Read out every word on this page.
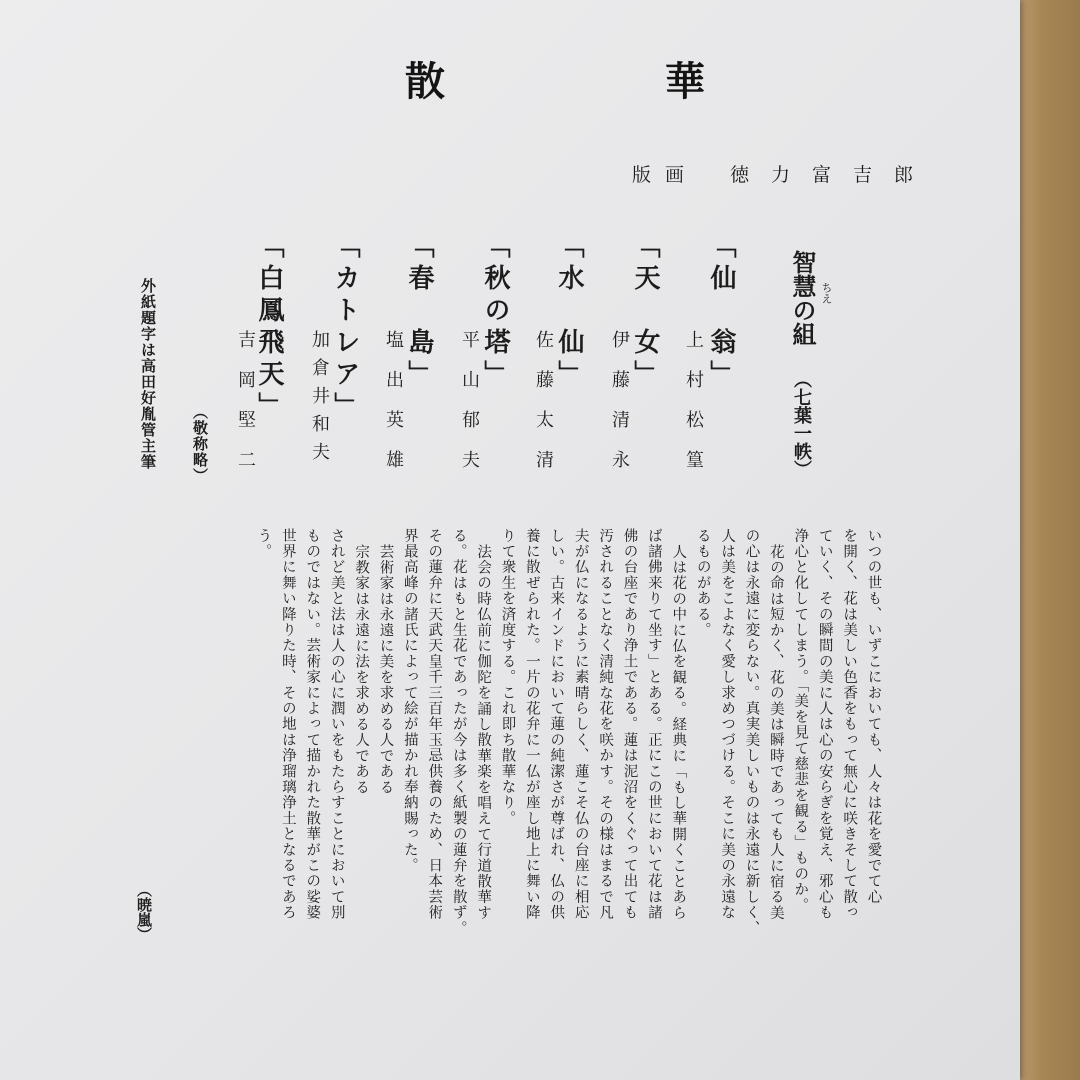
散　華
版画 徳力富吉郎
智慧の組 ちえ
（七葉一帙）
「仙　翁」
「天　女」
「水　仙」
「秋の塔」
「春　島」
「カトレア」
「白鳳飛天」	上村松篁
伊藤清永
佐藤太清
平山郁夫
塩出英雄
加倉井和夫
吉岡堅二
（敬称略）
外紙題字は高田好胤管主筆
いつの世も、いずこにおいても、人々は花を愛でて心
を開く、花は美しい色香をもって無心に咲きそして散っ
ていく、その瞬間の美に人は心の安らぎを覚え、邪心も
浄心と化してしまう。「美を見て慈悲を観る」ものか。
花の命は短かく、花の美は瞬時であっても人に宿る美
の心は永遠に変らない。真実美しいものは永遠に新しく、
人は美をこよなく愛し求めつづける。そこに美の永遠な
るものがある。
人は花の中に仏を観る。経典に「もし華開くことあら
ば諸佛来りて坐す」とある。正にこの世において花は諸
佛の台座であり浄土である。蓮は泥沼をくぐって出ても
汚されることなく清純な花を咲かす。その様はまるで凡
夫が仏になるように素晴らしく、蓮こそ仏の台座に相応
しい。古来インドにおいて蓮の純潔さが尊ばれ、仏の供
養に散ぜられた。一片の花弁に一仏が座し地上に舞い降
りて衆生を済度する。これ即ち散華なり。
法会の時仏前に伽陀を誦し散華楽を唱えて行道散華す
る。花はもと生花であったが今は多く紙製の蓮弁を散ず。
その蓮弁に天武天皇千三百年玉忌供養のため、日本芸術
界最高峰の諸氏によって絵が描かれ奉納賜った。
芸術家は永遠に美を求める人である
宗教家は永遠に法を求める人である
されど美と法は人の心に潤いをもたらすことにおいて別
ものではない。芸術家によって描かれた散華がこの娑婆
世界に舞い降りた時、その地は浄瑠璃浄土となるであろ
う。
（暁嵐）
